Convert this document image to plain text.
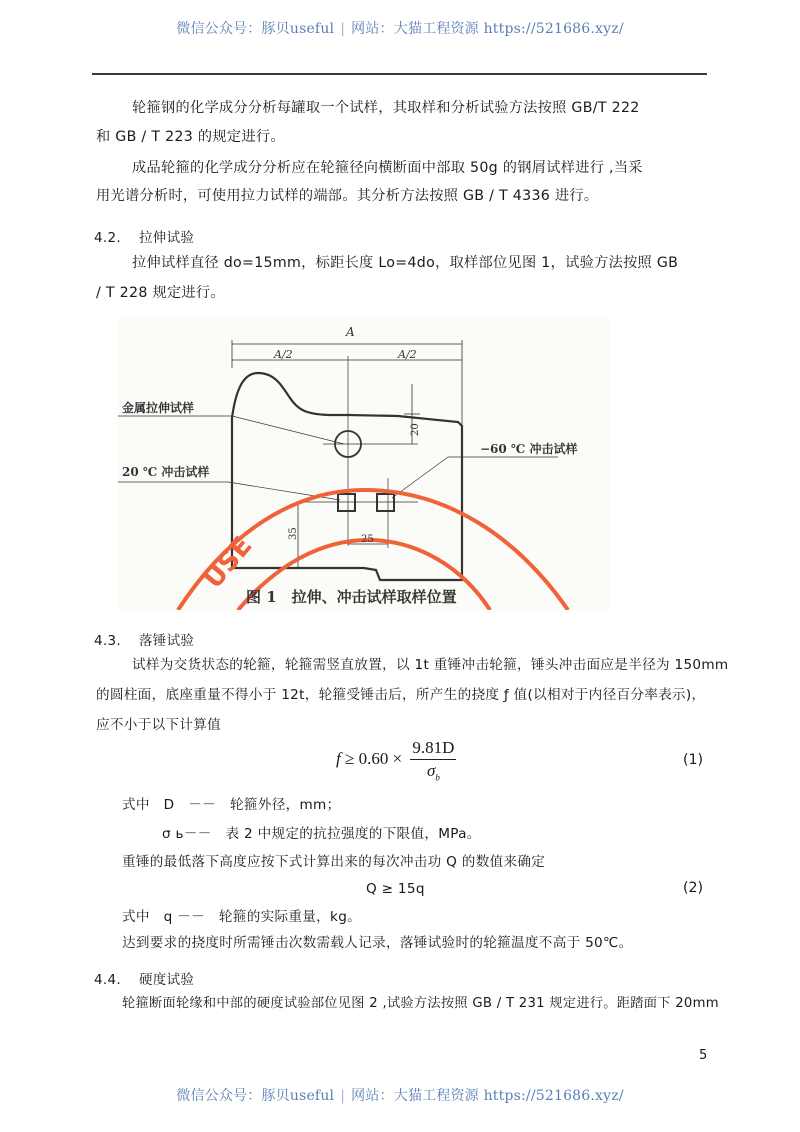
微信公众号：豚贝useful | 网站：大猫工程资源 https://521686.xyz/
轮箍钢的化学成分分析每罐取一个试样，其取样和分析试验方法按照 GB/T 222
和 GB / T 223 的规定进行。
成品轮箍的化学成分分析应在轮箍径向横断面中部取 50g 的钢屑试样进行 ,当采
用光谱分析时，可使用拉力试样的端部。其分析方法按照 GB / T 4336 进行。
4.2. 拉伸试验
拉伸试样直径 do=15mm，标距长度 Lo=4do，取样部位见图 1，试验方法按照 GB
/ T 228 规定进行。
USE
A
A/2	A/2
20
35	25
金属拉伸试样
20 ℃ 冲击试样
−60 ℃ 冲击试样
图 1　拉伸、冲击试样取样位置
4.3. 落锤试验
试样为交货状态的轮箍，轮箍需竖直放置，以 1t 重锤冲击轮箍，锤头冲击面应是半径为 150mm
的圆柱面，底座重量不得小于 12t，轮箍受锤击后，所产生的挠度 ƒ 值(以相对于内径百分率表示)，
应不小于以下计算值
$f \ge 0.60 \times \frac{9.81D}{\sigma_b}$	(1)
式中　D　－－　轮箍外径，mm；
σ ь－－　表 2 中规定的抗拉强度的下限值，MPa。
重锤的最低落下高度应按下式计算出来的每次冲击功 Q 的数值来确定
Q ≥ 15q	(2)
式中　q －－　轮箍的实际重量，kg。
达到要求的挠度时所需锤击次数需载人记录，落锤试验时的轮箍温度不高于 50℃。
4.4. 硬度试验
轮箍断面轮缘和中部的硬度试验部位见图 2 ,试验方法按照 GB / T 231 规定进行。距踏面下 20mm
5
微信公众号：豚贝useful | 网站：大猫工程资源 https://521686.xyz/
